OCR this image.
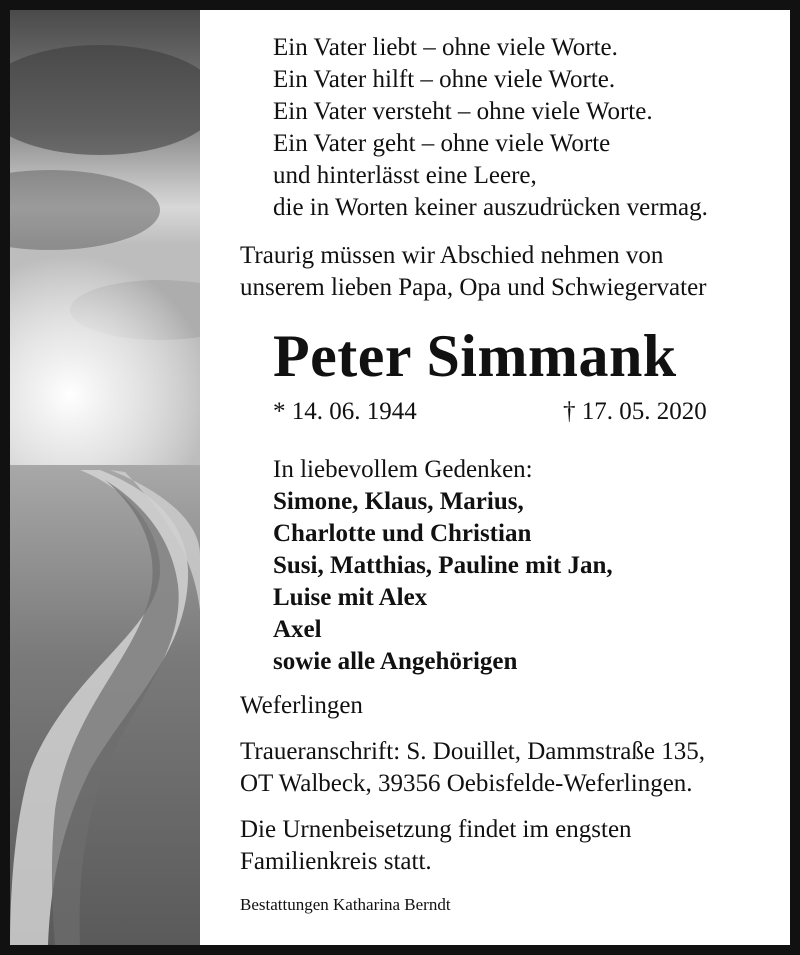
Ein Vater liebt – ohne viele Worte.
Ein Vater hilft – ohne viele Worte.
Ein Vater versteht – ohne viele Worte.
Ein Vater geht – ohne viele Worte
und hinterlässt eine Leere,
die in Worten keiner auszudrücken vermag.
Traurig müssen wir Abschied nehmen von
unserem lieben Papa, Opa und Schwiegervater
Peter Simmank
* 14. 06. 1944	† 17. 05. 2020
In liebevollem Gedenken:
Simone, Klaus, Marius,
Charlotte und Christian
Susi, Matthias, Pauline mit Jan,
Luise mit Alex
Axel
sowie alle Angehörigen
Weferlingen
Traueranschrift: S. Douillet, Dammstraße 135,
OT Walbeck, 39356 Oebisfelde-Weferlingen.
Die Urnenbeisetzung findet im engsten
Familienkreis statt.
Bestattungen Katharina Berndt
